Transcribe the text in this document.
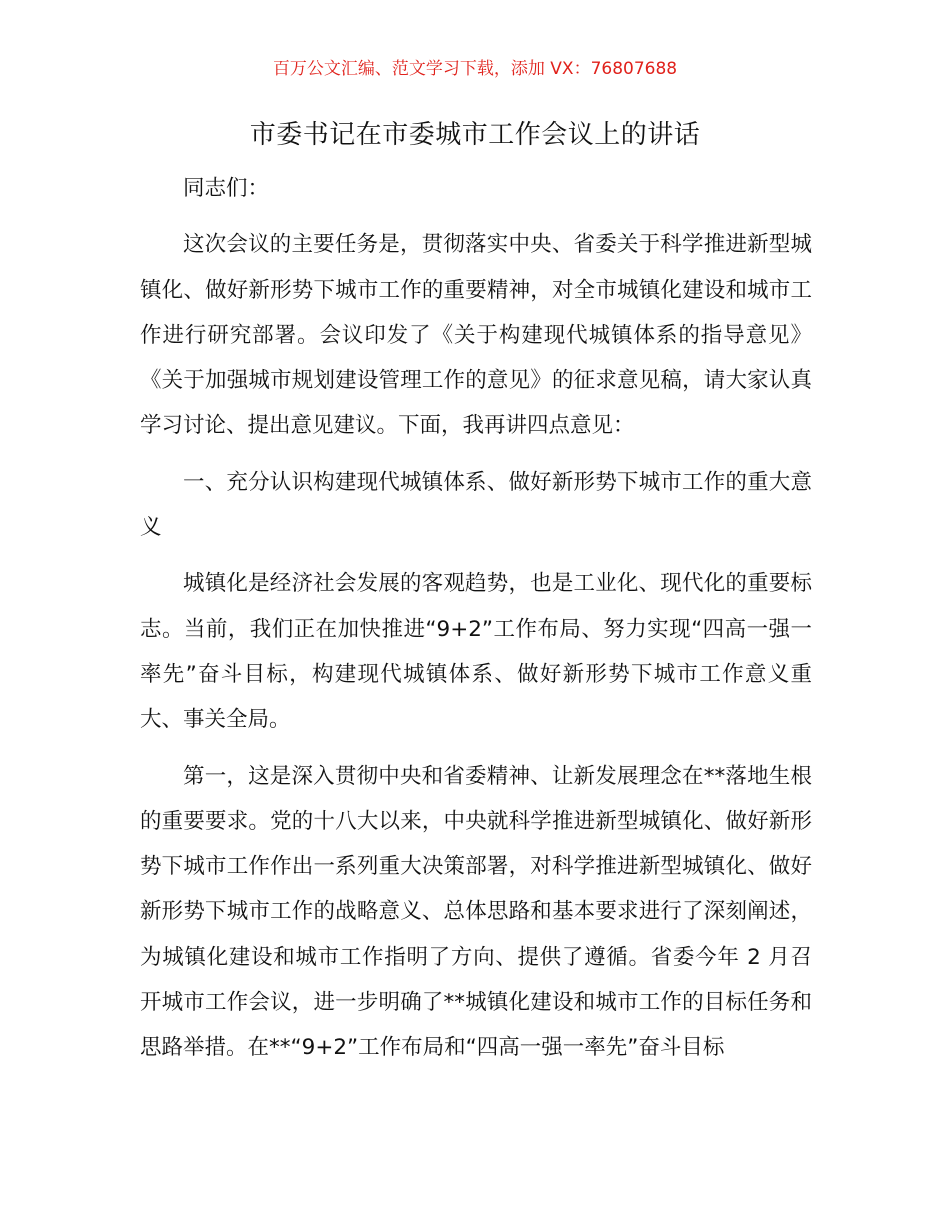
百万公文汇编、范文学习下载，添加 VX：76807688
市委书记在市委城市工作会议上的讲话

同志们：

这次会议的主要任务是，贯彻落实中央、省委关于科学推进新型城镇化、做好新形势下城市工作的重要精神，对全市城镇化建设和城市工作进行研究部署。会议印发了《关于构建现代城镇体系的指导意见》《关于加强城市规划建设管理工作的意见》的征求意见稿，请大家认真学习讨论、提出意见建议。下面，我再讲四点意见：

一、充分认识构建现代城镇体系、做好新形势下城市工作的重大意义

城镇化是经济社会发展的客观趋势，也是工业化、现代化的重要标志。当前，我们正在加快推进“9+2”工作布局、努力实现“四高一强一率先”奋斗目标，构建现代城镇体系、做好新形势下城市工作意义重大、事关全局。

第一，这是深入贯彻中央和省委精神、让新发展理念在**落地生根的重要要求。党的十八大以来，中央就科学推进新型城镇化、做好新形势下城市工作作出一系列重大决策部署，对科学推进新型城镇化、做好新形势下城市工作的战略意义、总体思路和基本要求进行了深刻阐述，为城镇化建设和城市工作指明了方向、提供了遵循。省委今年 2 月召开城市工作会议，进一步明确了**城镇化建设和城市工作的目标任务和思路举措。在**“9+2”工作布局和“四高一强一率先”奋斗目标
